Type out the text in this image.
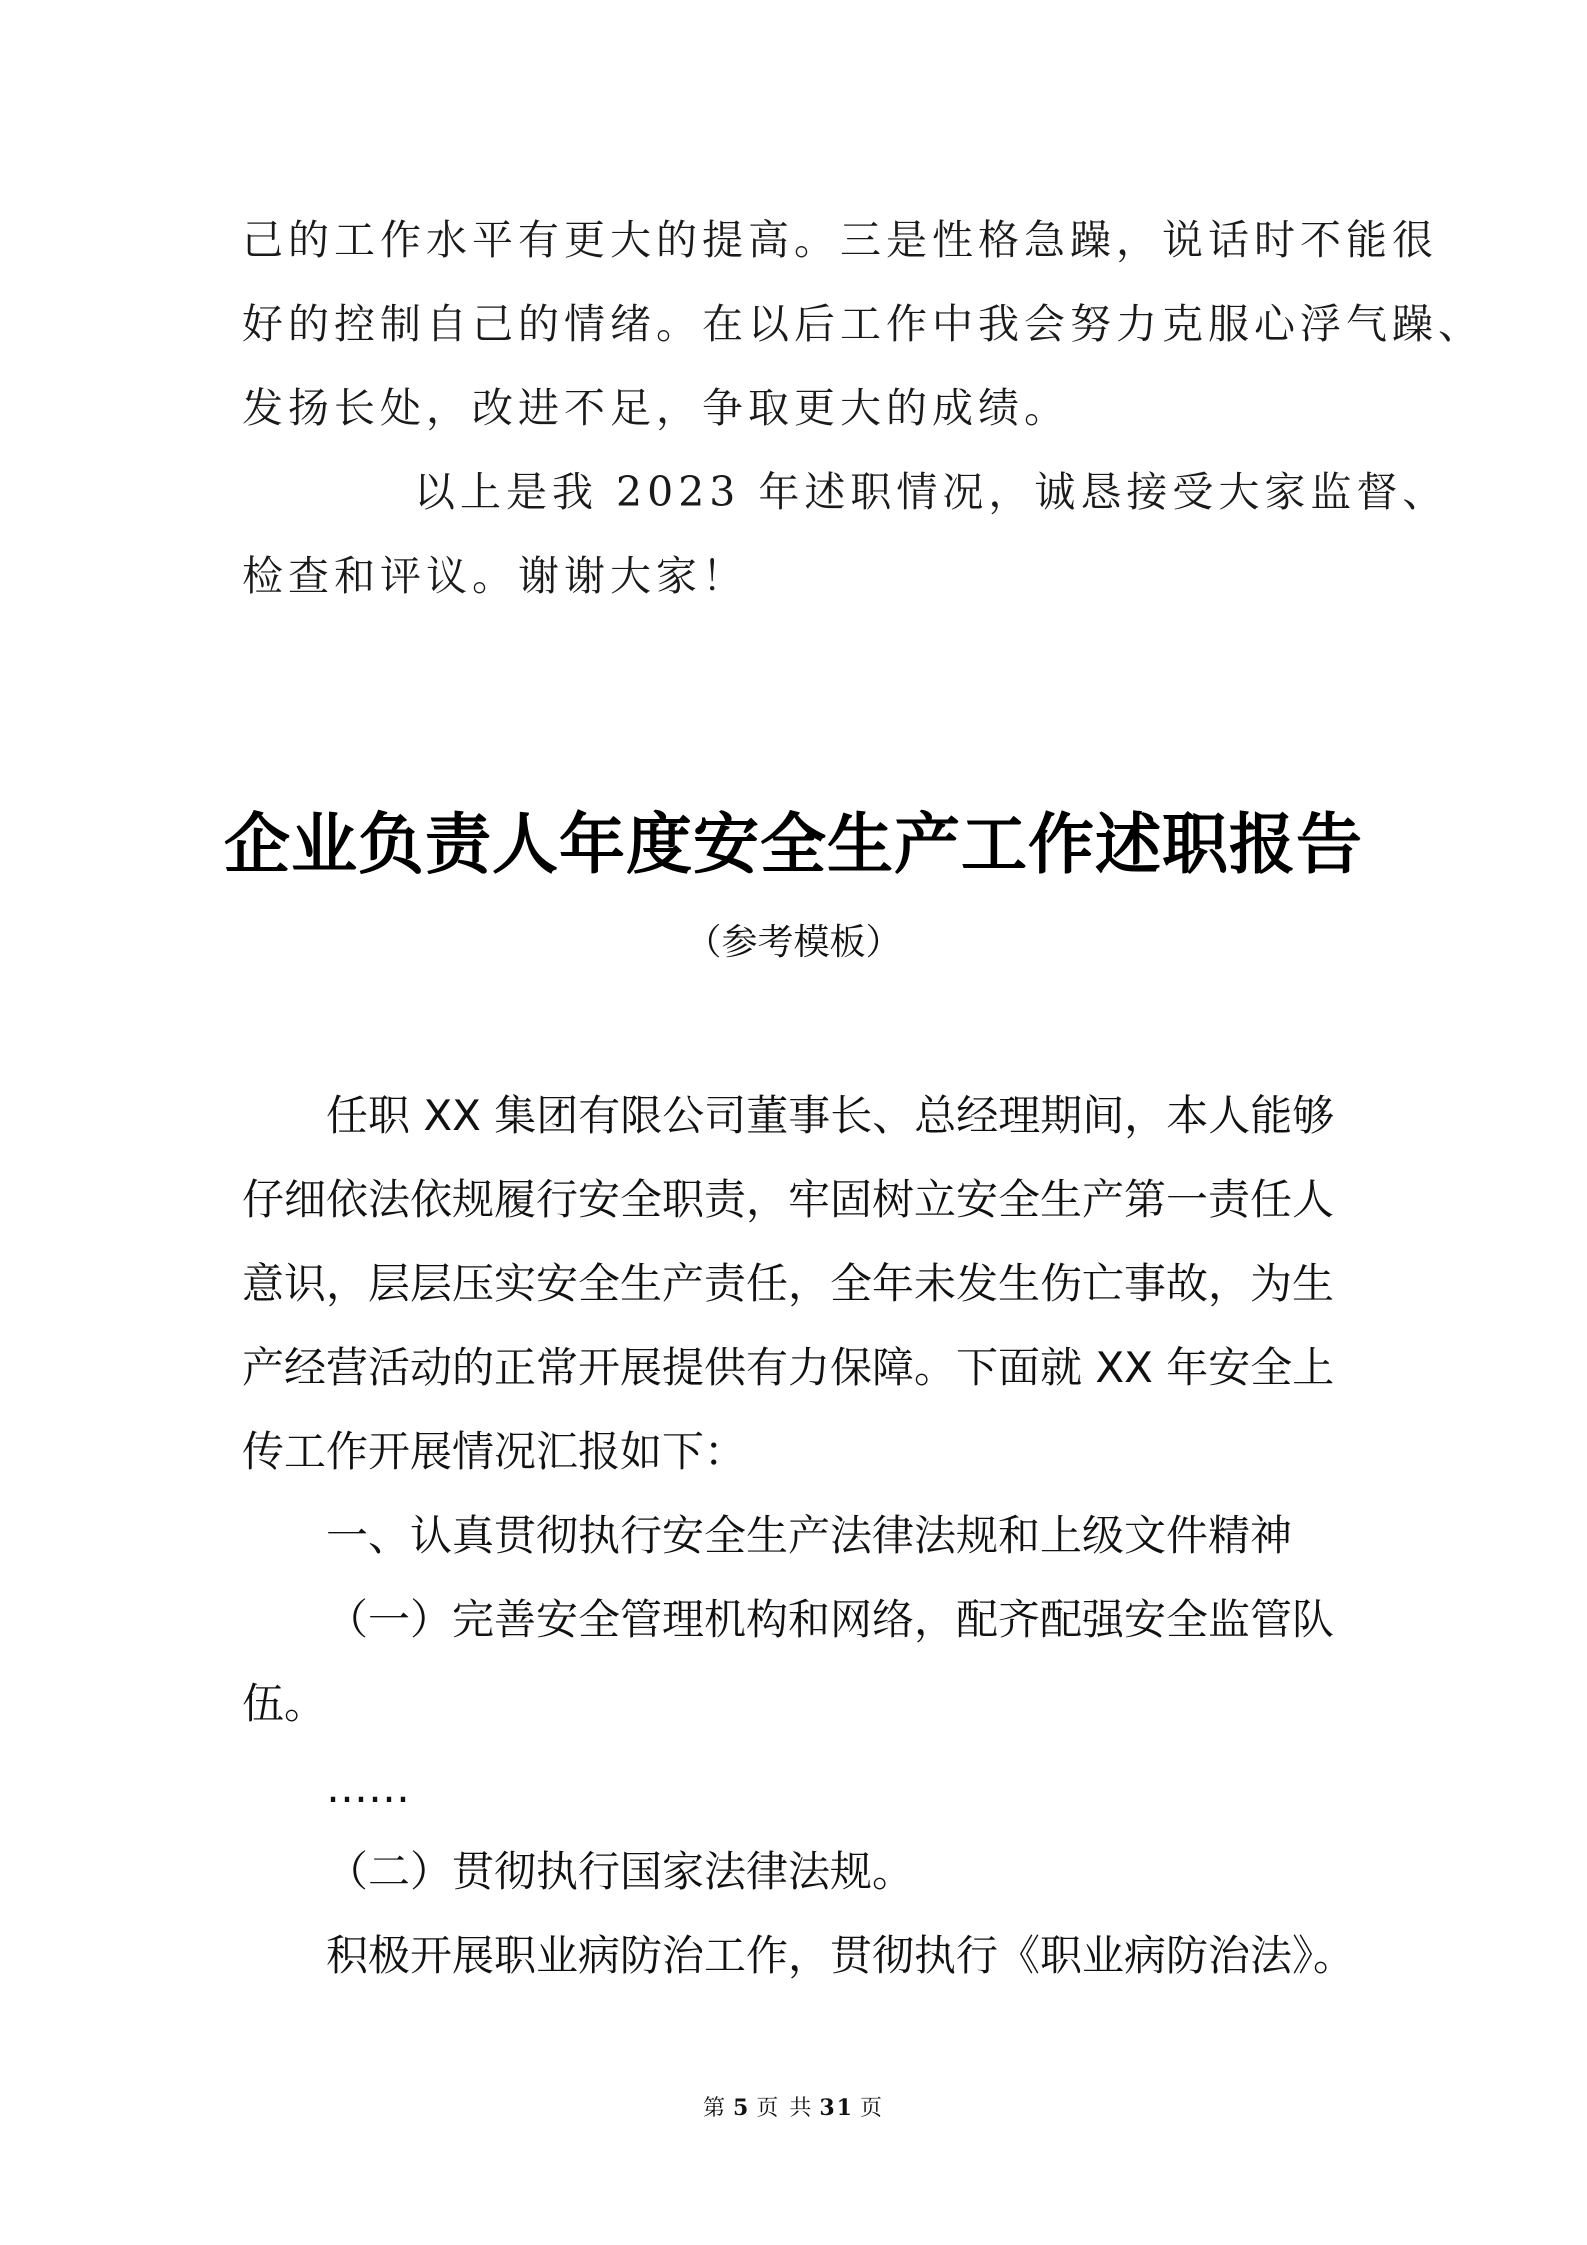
己的工作水平有更大的提高。三是性格急躁，说话时不能很
好的控制自己的情绪。在以后工作中我会努力克服心浮气躁、
发扬长处，改进不足，争取更大的成绩。
以上是我 2023 年述职情况，诚恳接受大家监督、
检查和评议。谢谢大家！
企业负责人年度安全生产工作述职报告
（参考模板）
任职 XX 集团有限公司董事长、总经理期间，本人能够
仔细依法依规履行安全职责，牢固树立安全生产第一责任人
意识，层层压实安全生产责任，全年未发生伤亡事故，为生
产经营活动的正常开展提供有力保障。下面就 XX 年安全上
传工作开展情况汇报如下：
一、认真贯彻执行安全生产法律法规和上级文件精神
（一）完善安全管理机构和网络，配齐配强安全监管队
伍。
……
（二）贯彻执行国家法律法规。
积极开展职业病防治工作，贯彻执行《职业病防治法》。
第 5 页 共 31 页
